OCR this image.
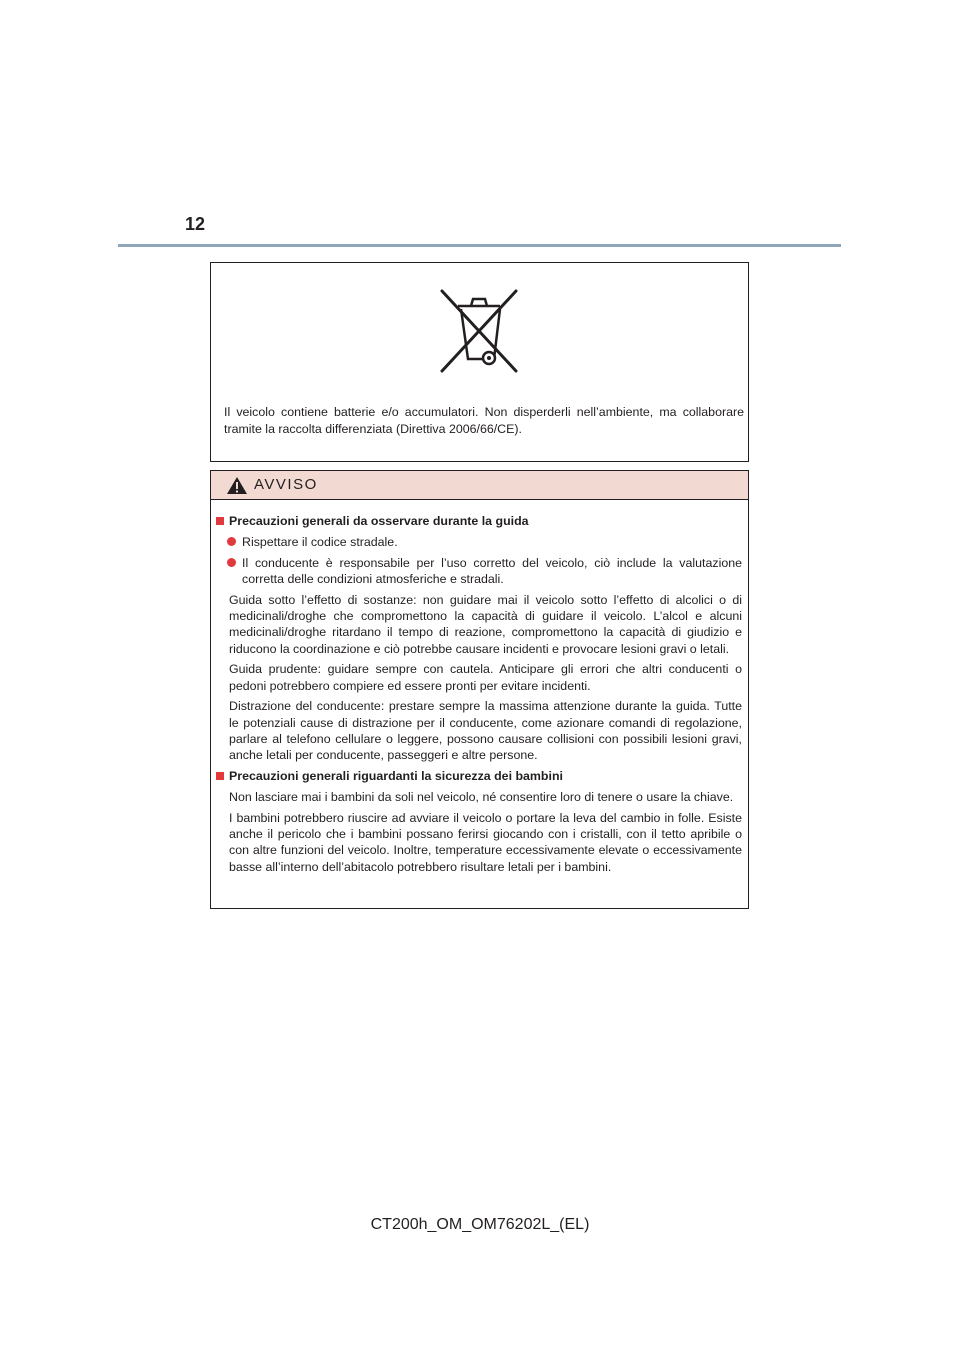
12
Il veicolo contiene batterie e/o accumulatori. Non disperderli nell’ambiente, ma collaborare tramite la raccolta differenziata (Direttiva 2006/66/CE).
AVVISO
Precauzioni generali da osservare durante la guida
Rispettare il codice stradale.
Il conducente è responsabile per l’uso corretto del veicolo, ciò include la valutazione corretta delle condizioni atmosferiche e stradali.

Guida sotto l’effetto di sostanze: non guidare mai il veicolo sotto l’effetto di alcolici o di medicinali/droghe che compromettono la capacità di guidare il veicolo. L’alcol e alcuni medicinali/droghe ritardano il tempo di reazione, compromettono la capacità di giudizio e riducono la coordinazione e ciò potrebbe causare incidenti e provocare lesioni gravi o letali.

Guida prudente: guidare sempre con cautela. Anticipare gli errori che altri conducenti o pedoni potrebbero compiere ed essere pronti per evitare incidenti.

Distrazione del conducente: prestare sempre la massima attenzione durante la guida. Tutte le potenziali cause di distrazione per il conducente, come azionare comandi di regolazione, parlare al telefono cellulare o leggere, possono causare collisioni con possibili lesioni gravi, anche letali per conducente, passeggeri e altre persone.

Precauzioni generali riguardanti la sicurezza dei bambini

Non lasciare mai i bambini da soli nel veicolo, né consentire loro di tenere o usare la chiave.

I bambini potrebbero riuscire ad avviare il veicolo o portare la leva del cambio in folle. Esiste anche il pericolo che i bambini possano ferirsi giocando con i cristalli, con il tetto apribile o con altre funzioni del veicolo. Inoltre, temperature eccessivamente elevate o eccessivamente basse all’interno dell’abitacolo potrebbero risultare letali per i bambini.

CT200h_OM_OM76202L_(EL)
